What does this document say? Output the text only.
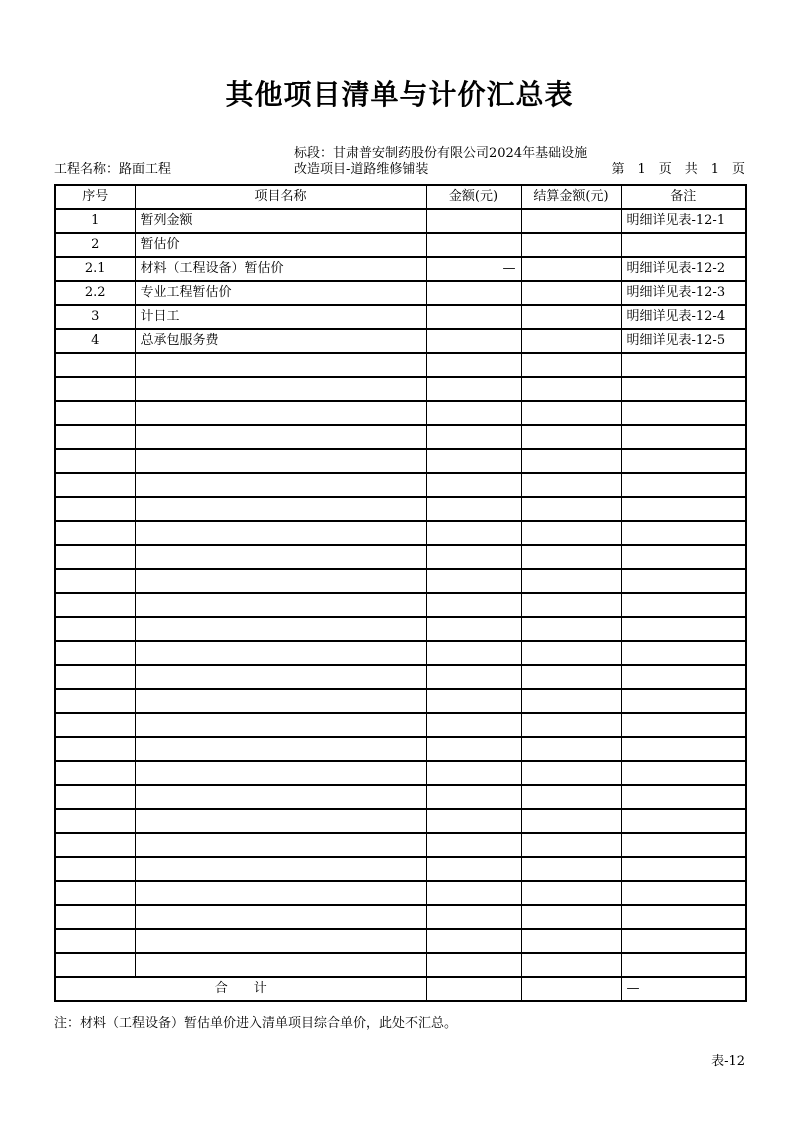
其他项目清单与计价汇总表
工程名称：路面工程
标段：甘肃普安制药股份有限公司2024年基础设施
改造项目-道路维修铺装	第　1　页　共　1　页
序号	项目名称	金额(元)	结算金额(元)	备注
1	暂列金额			明细详见表-12-1
2	暂估价			
2.1	材料（工程设备）暂估价	—		明细详见表-12-2
2.2	专业工程暂估价			明细详见表-12-3
3	计日工			明细详见表-12-4
4	总承包服务费			明细详见表-12-5

合　　计				—
注：材料（工程设备）暂估单价进入清单项目综合单价，此处不汇总。
表-12
